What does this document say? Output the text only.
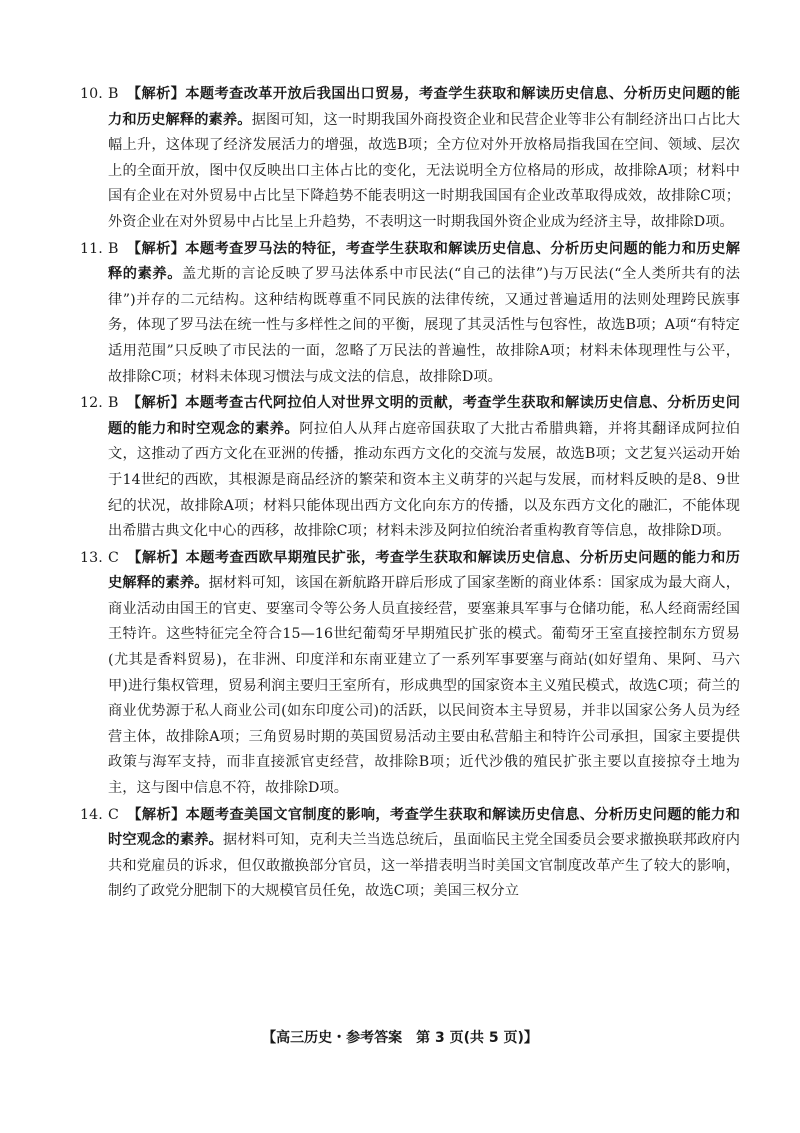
10. B 【解析】本题考查改革开放后我国出口贸易，考查学生获取和解读历史信息、分析历史问题的能力和历史解释的素养。据图可知，这一时期我国外商投资企业和民营企业等非公有制经济出口占比大幅上升，这体现了经济发展活力的增强，故选B项；全方位对外开放格局指我国在空间、领域、层次上的全面开放，图中仅反映出口主体占比的变化，无法说明全方位格局的形成，故排除A项；材料中国有企业在对外贸易中占比呈下降趋势不能表明这一时期我国国有企业改革取得成效，故排除C项；外资企业在对外贸易中占比呈上升趋势，不表明这一时期我国外资企业成为经济主导，故排除D项。
11. B 【解析】本题考查罗马法的特征，考查学生获取和解读历史信息、分析历史问题的能力和历史解释的素养。盖尤斯的言论反映了罗马法体系中市民法(“自己的法律”)与万民法(“全人类所共有的法律”)并存的二元结构。这种结构既尊重不同民族的法律传统，又通过普遍适用的法则处理跨民族事务，体现了罗马法在统一性与多样性之间的平衡，展现了其灵活性与包容性，故选B项；A项“有特定适用范围”只反映了市民法的一面，忽略了万民法的普遍性，故排除A项；材料未体现理性与公平，故排除C项；材料未体现习惯法与成文法的信息，故排除D项。
12. B 【解析】本题考查古代阿拉伯人对世界文明的贡献，考查学生获取和解读历史信息、分析历史问题的能力和时空观念的素养。阿拉伯人从拜占庭帝国获取了大批古希腊典籍，并将其翻译成阿拉伯文，这推动了西方文化在亚洲的传播，推动东西方文化的交流与发展，故选B项；文艺复兴运动开始于14世纪的西欧，其根源是商品经济的繁荣和资本主义萌芽的兴起与发展，而材料反映的是8、9世纪的状况，故排除A项；材料只能体现出西方文化向东方的传播，以及东西方文化的融汇，不能体现出希腊古典文化中心的西移，故排除C项；材料未涉及阿拉伯统治者重构教育等信息，故排除D项。
13. C 【解析】本题考查西欧早期殖民扩张，考查学生获取和解读历史信息、分析历史问题的能力和历史解释的素养。据材料可知，该国在新航路开辟后形成了国家垄断的商业体系：国家成为最大商人，商业活动由国王的官吏、要塞司令等公务人员直接经营，要塞兼具军事与仓储功能，私人经商需经国王特许。这些特征完全符合15—16世纪葡萄牙早期殖民扩张的模式。葡萄牙王室直接控制东方贸易(尤其是香料贸易)，在非洲、印度洋和东南亚建立了一系列军事要塞与商站(如好望角、果阿、马六甲)进行集权管理，贸易利润主要归王室所有，形成典型的国家资本主义殖民模式，故选C项；荷兰的商业优势源于私人商业公司(如东印度公司)的活跃，以民间资本主导贸易，并非以国家公务人员为经营主体，故排除A项；三角贸易时期的英国贸易活动主要由私营船主和特许公司承担，国家主要提供政策与海军支持，而非直接派官吏经营，故排除B项；近代沙俄的殖民扩张主要以直接掠夺土地为主，这与图中信息不符，故排除D项。
14. C 【解析】本题考查美国文官制度的影响，考查学生获取和解读历史信息、分析历史问题的能力和时空观念的素养。据材料可知，克利夫兰当选总统后，虽面临民主党全国委员会要求撤换联邦政府内共和党雇员的诉求，但仅敢撤换部分官员，这一举措表明当时美国文官制度改革产生了较大的影响，制约了政党分肥制下的大规模官员任免，故选C项；美国三权分立
【高三历史・参考答案　第 3 页(共 5 页)】
